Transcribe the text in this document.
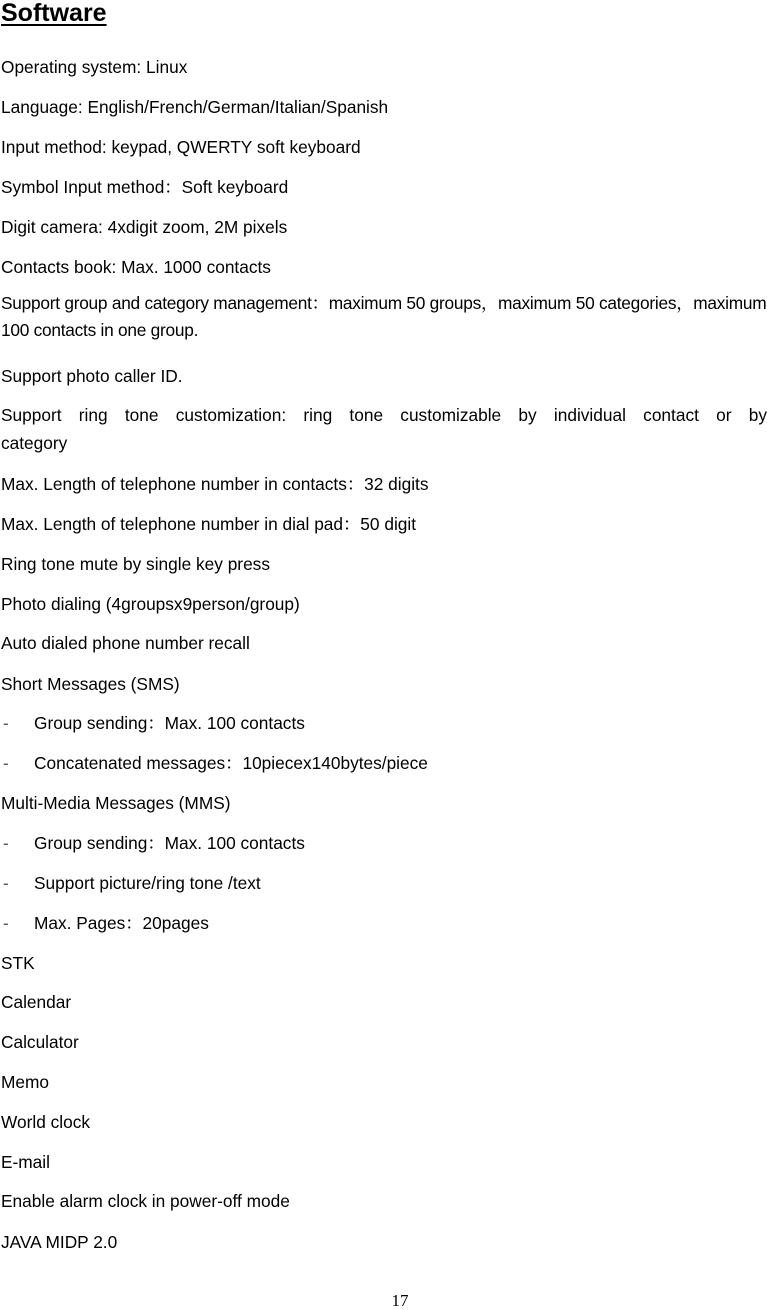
Software
Operating system: Linux
Language: English/French/German/Italian/Spanish
Input method: keypad, QWERTY soft keyboard
Symbol Input method：Soft keyboard
Digit camera: 4xdigit zoom, 2M pixels
Contacts book: Max. 1000 contacts
Support group and category management：maximum 50 groups，maximum 50 categories，maximum 100 contacts in one group.
Support photo caller ID.
Support ring tone customization: ring tone customizable by individual contact or by
category
Max. Length of telephone number in contacts：32 digits
Max. Length of telephone number in dial pad：50 digit
Ring tone mute by single key press
Photo dialing (4groupsx9person/group)
Auto dialed phone number recall
Short Messages (SMS)
- Group sending：Max. 100 contacts
- Concatenated messages：10piecex140bytes/piece
Multi-Media Messages (MMS)
- Group sending：Max. 100 contacts
- Support picture/ring tone /text
- Max. Pages：20pages
STK
Calendar
Calculator
Memo
World clock
E-mail
Enable alarm clock in power-off mode
JAVA MIDP 2.0
17
